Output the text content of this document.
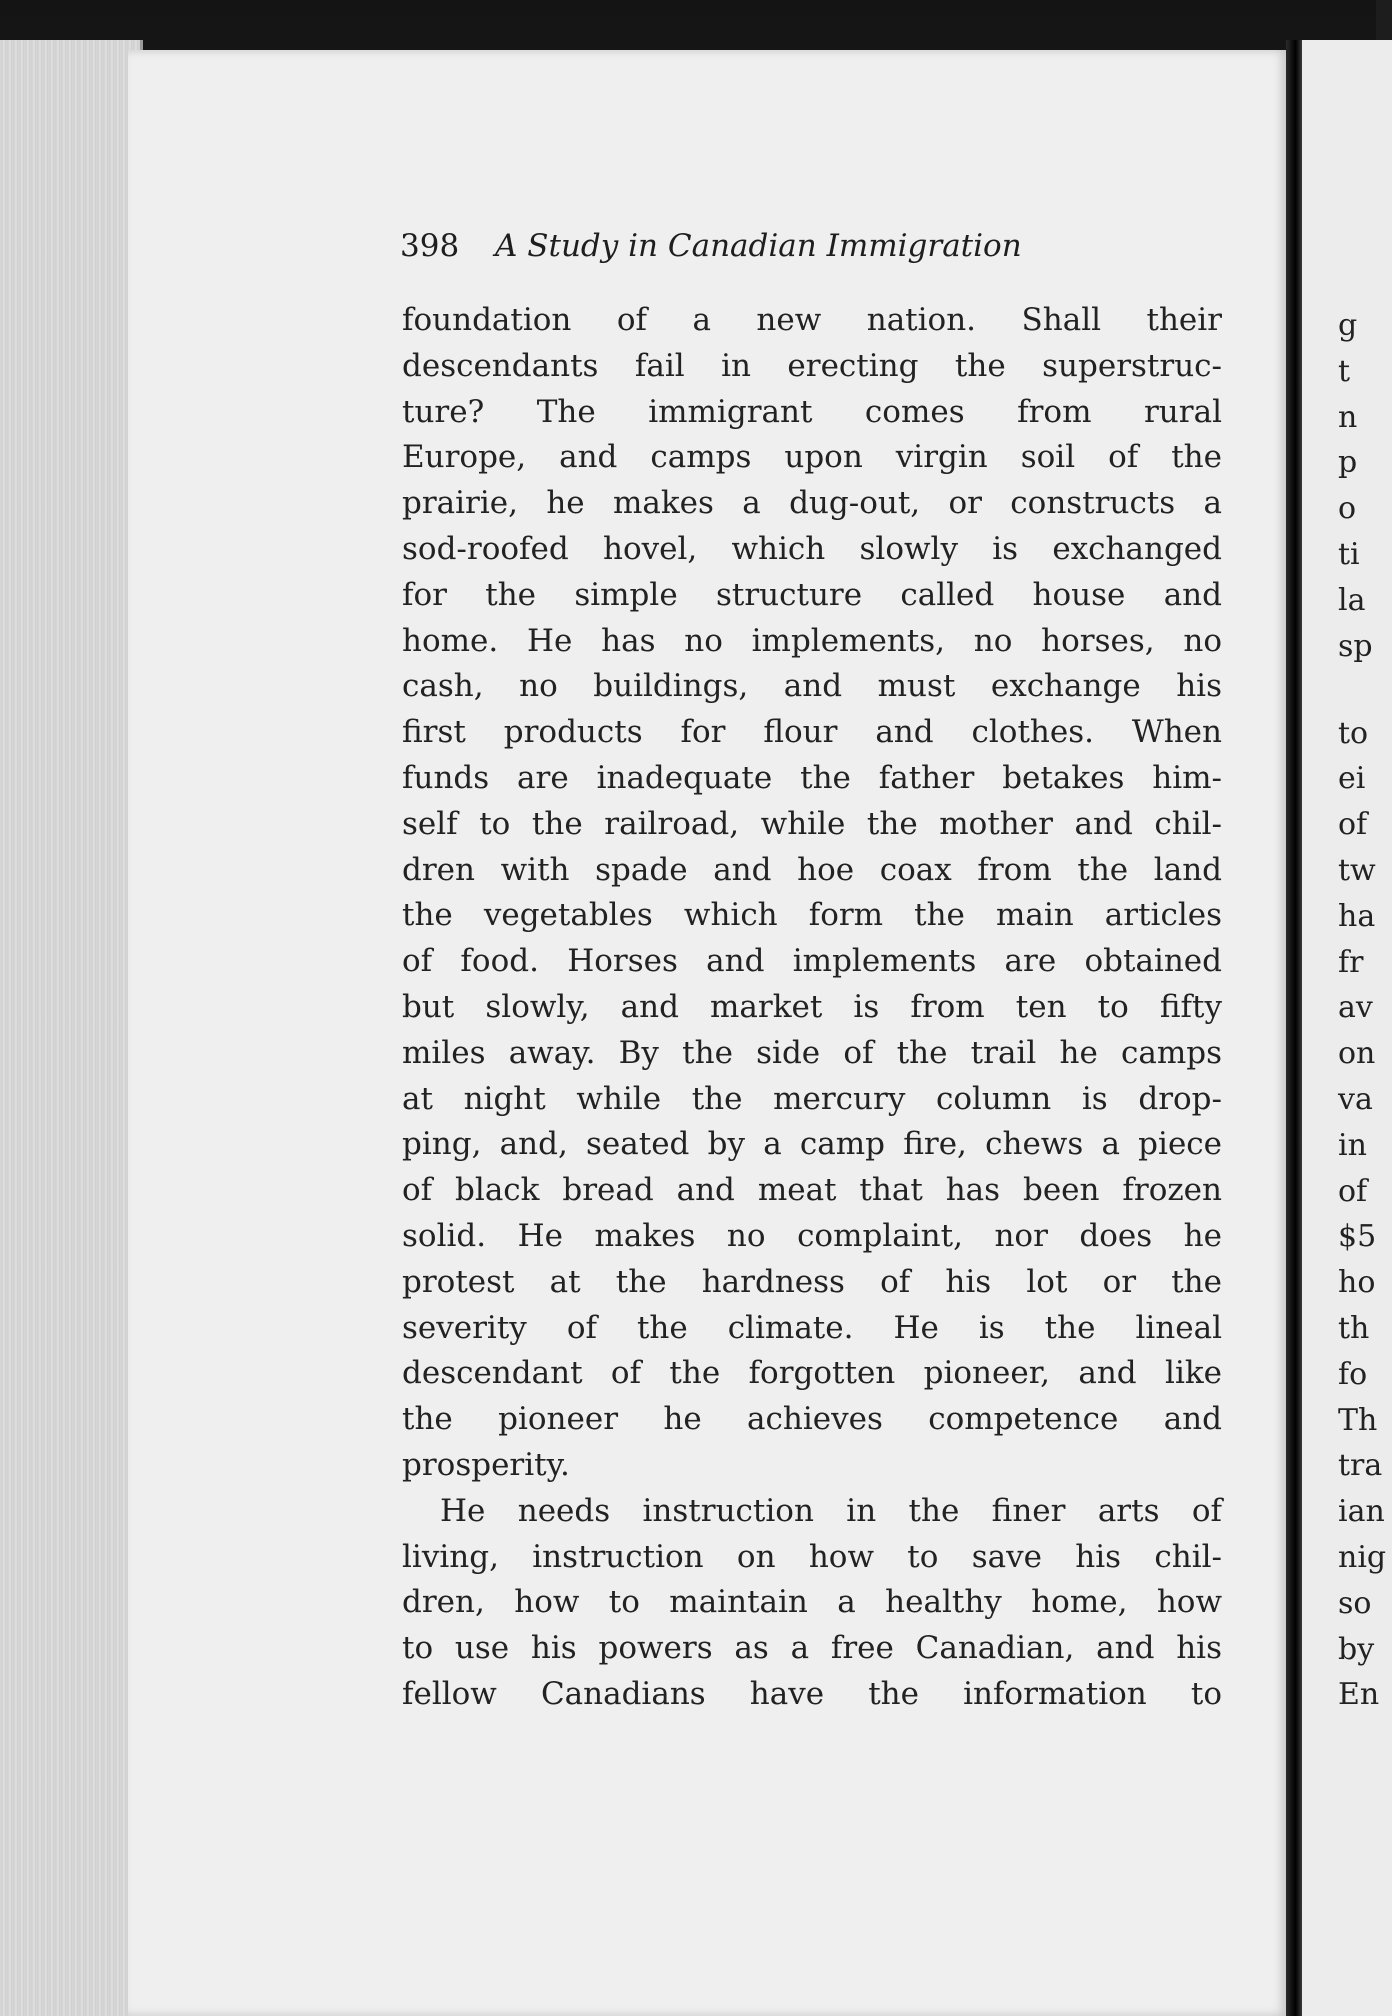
398 A Study in Canadian Immigration
foundation of a new nation. Shall their
descendants fail in erecting the superstruc-
ture? The immigrant comes from rural
Europe, and camps upon virgin soil of the
prairie, he makes a dug-out, or constructs a
sod-roofed hovel, which slowly is exchanged
for the simple structure called house and
home. He has no implements, no horses, no
cash, no buildings, and must exchange his
first products for flour and clothes. When
funds are inadequate the father betakes him-
self to the railroad, while the mother and chil-
dren with spade and hoe coax from the land
the vegetables which form the main articles
of food. Horses and implements are obtained
but slowly, and market is from ten to fifty
miles away. By the side of the trail he camps
at night while the mercury column is drop-
ping, and, seated by a camp fire, chews a piece
of black bread and meat that has been frozen
solid. He makes no complaint, nor does he
protest at the hardness of his lot or the
severity of the climate. He is the lineal
descendant of the forgotten pioneer, and like
the pioneer he achieves competence and
prosperity.
He needs instruction in the finer arts of
living, instruction on how to save his chil-
dren, how to maintain a healthy home, how
to use his powers as a free Canadian, and his
fellow Canadians have the information to
g
t
n
p
o
ti
la
sp
to
ei
of
tw
ha
fr
av
on
va
in
of
$5
ho
th
fo
Th
tra
ian
nig
so
by
En
